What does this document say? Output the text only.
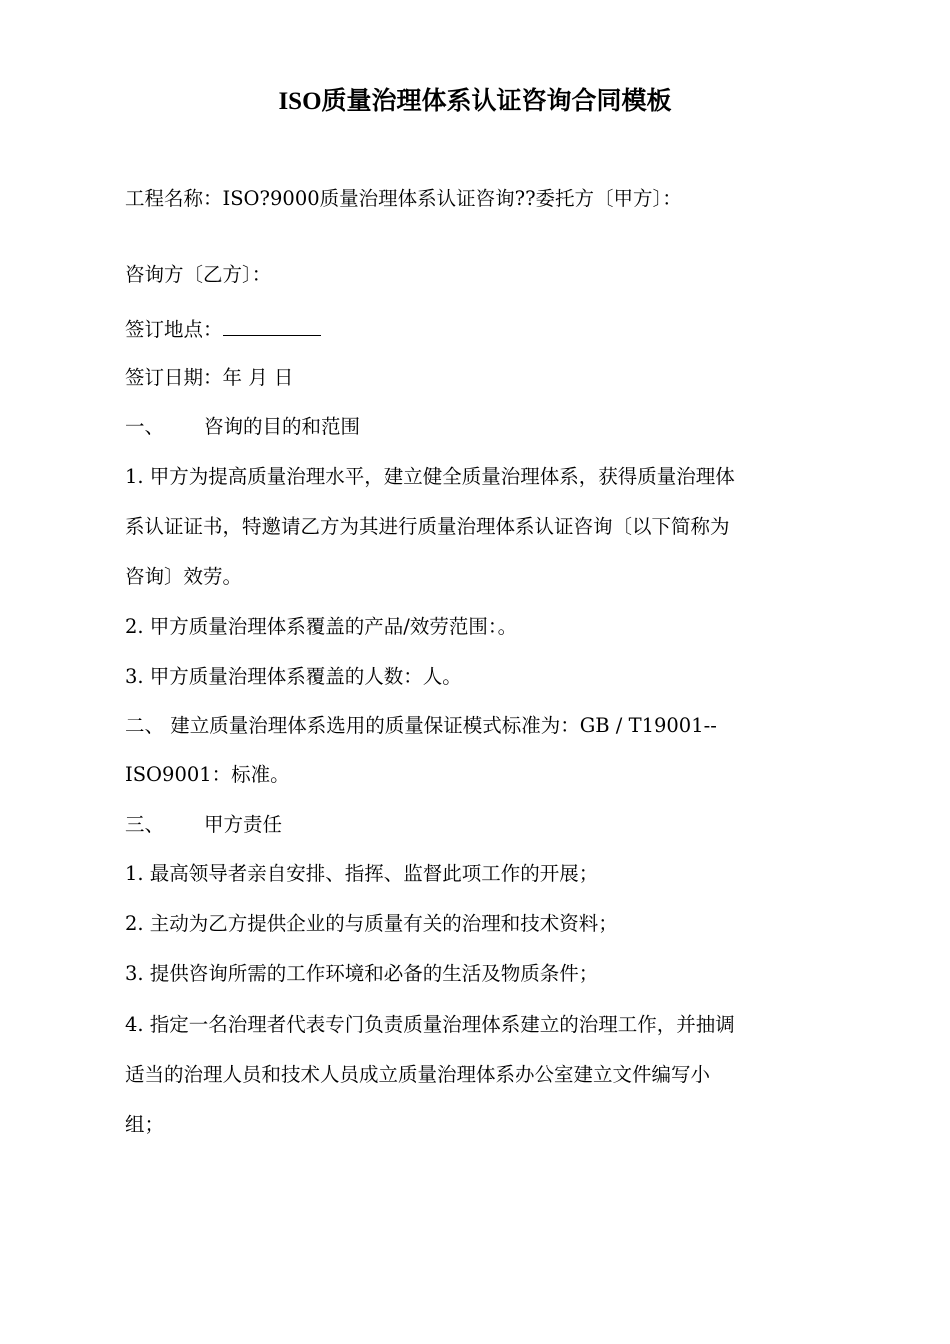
ISO质量治理体系认证咨询合同模板
工程名称：ISO?9000质量治理体系认证咨询??委托方〔甲方〕：
咨询方〔乙方〕：
签订地点：
签订日期：年 月 日
一、 咨询的目的和范围
1. 甲方为提高质量治理水平，建立健全质量治理体系，获得质量治理体
系认证证书，特邀请乙方为其进行质量治理体系认证咨询〔以下简称为
咨询〕效劳。
2. 甲方质量治理体系覆盖的产品/效劳范围：。
3. 甲方质量治理体系覆盖的人数：人。
二、 建立质量治理体系选用的质量保证模式标准为：GB / T19001--
ISO9001：标准。
三、 甲方责任
1. 最高领导者亲自安排、指挥、监督此项工作的开展；
2. 主动为乙方提供企业的与质量有关的治理和技术资料；
3. 提供咨询所需的工作环境和必备的生活及物质条件；
4. 指定一名治理者代表专门负责质量治理体系建立的治理工作，并抽调
适当的治理人员和技术人员成立质量治理体系办公室建立文件编写小
组；
